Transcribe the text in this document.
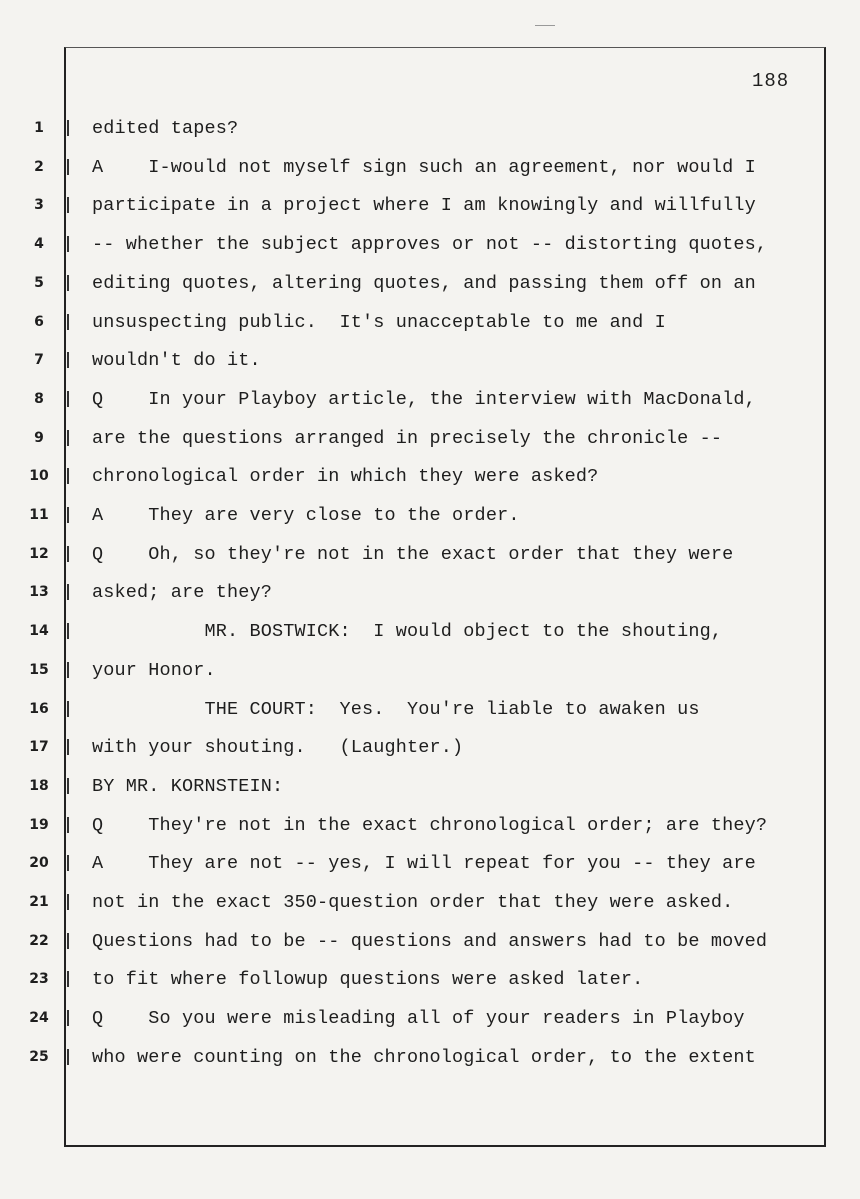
188
1
2
3
4
5
6
7
8
9
10
11
12
13
14
15
16
17
18
19
20
21
22
23
24
25
edited tapes?
A    I-would not myself sign such an agreement, nor would I
participate in a project where I am knowingly and willfully
-- whether the subject approves or not -- distorting quotes,
editing quotes, altering quotes, and passing them off on an
unsuspecting public.  It's unacceptable to me and I
wouldn't do it.
Q    In your Playboy article, the interview with MacDonald,
are the questions arranged in precisely the chronicle --
chronological order in which they were asked?
A    They are very close to the order.
Q    Oh, so they're not in the exact order that they were
asked; are they?
MR. BOSTWICK:  I would object to the shouting,
your Honor.
THE COURT:  Yes.  You're liable to awaken us
with your shouting.   (Laughter.)
BY MR. KORNSTEIN:
Q    They're not in the exact chronological order; are they?
A    They are not -- yes, I will repeat for you -- they are
not in the exact 350-question order that they were asked.
Questions had to be -- questions and answers had to be moved
to fit where followup questions were asked later.
Q    So you were misleading all of your readers in Playboy
who were counting on the chronological order, to the extent
